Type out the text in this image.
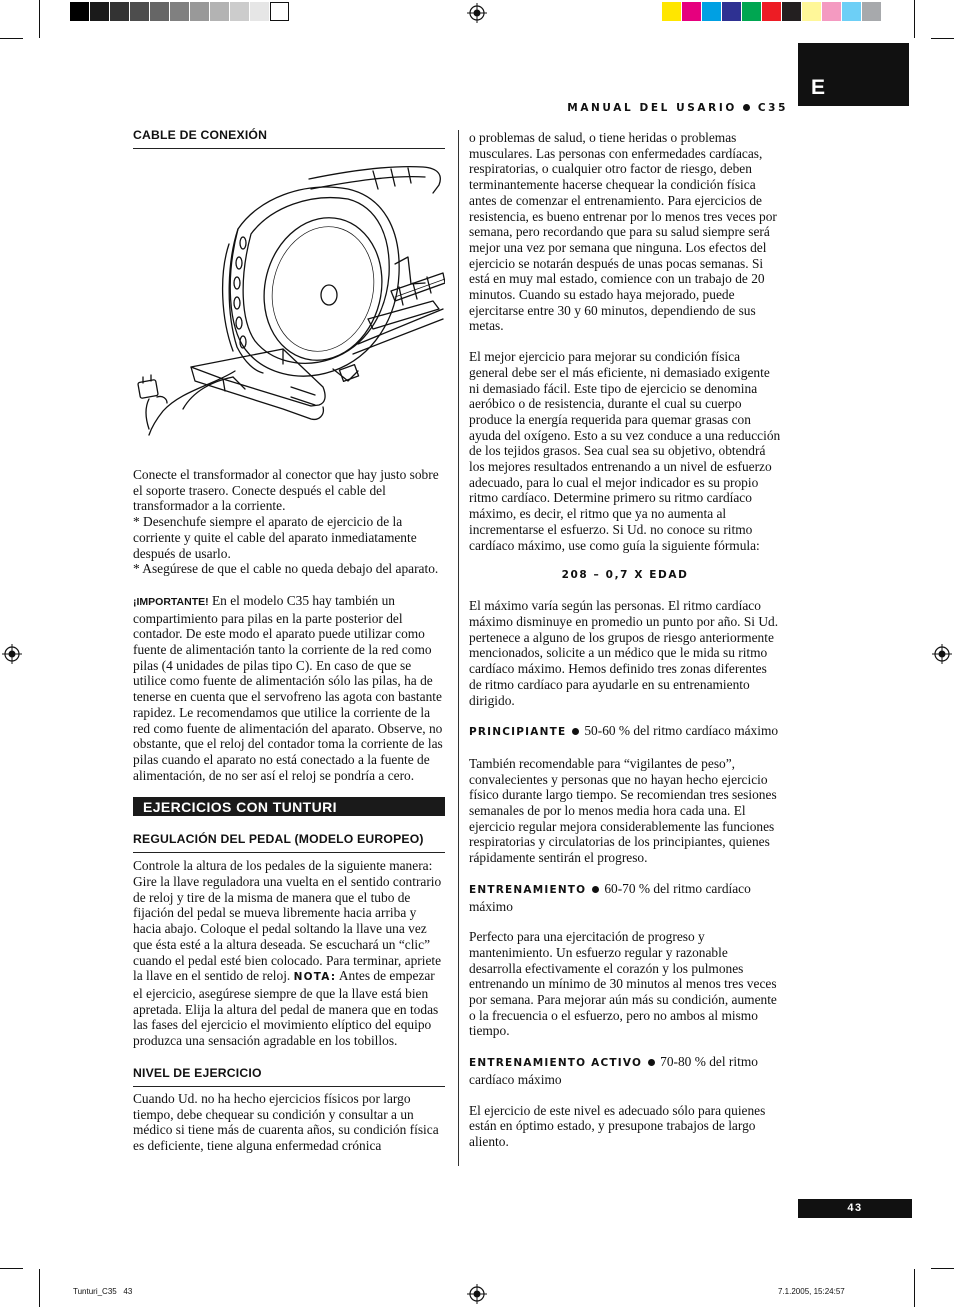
E
MANUAL DEL USARIO C35
CABLE DE CONEXIÓN

Conecte el transformador al conector que hay justo sobre el soporte trasero. Conecte después el cable del transformador a la corriente.

* Desenchufe siempre el aparato de ejercicio de la corriente y quite el cable del aparato inmediatamente después de usarlo.

* Asegúrese de que el cable no queda debajo del aparato.

¡IMPORTANTE! En el modelo C35 hay también un compartimiento para pilas en la parte posterior del contador. De este modo el aparato puede utilizar como fuente de alimentación tanto la corriente de la red como pilas (4 unidades de pilas tipo C). En caso de que se utilice como fuente de alimentación sólo las pilas, ha de tenerse en cuenta que el servofreno las agota con bastante rapidez. Le recomendamos que utilice la corriente de la red como fuente de alimentación del aparato. Observe, no obstante, que el reloj del contador toma la corriente de las pilas cuando el aparato no está conectado a la fuente de alimentación, de no ser así el reloj se pondría a cero.

EJERCICIOS CON TUNTURI
REGULACIÓN DEL PEDAL (MODELO EUROPEO)

Controle la altura de los pedales de la siguiente manera: Gire la llave reguladora una vuelta en el sentido contrario de reloj y tire de la misma de manera que el tubo de fijación del pedal se mueva libremente hacia arriba y hacia abajo. Coloque el pedal soltando la llave una vez que ésta esté a la altura deseada. Se escuchará un “clic” cuando el pedal esté bien colocado. Para terminar, apriete la llave en el sentido de reloj. NOTA: Antes de empezar el ejercicio, asegúrese siempre de que la llave está bien apretada. Elija la altura del pedal de manera que en todas las fases del ejercicio el movimiento elíptico del equipo produzca una sensación agradable en los tobillos.

NIVEL DE EJERCICIO

Cuando Ud. no ha hecho ejercicios físicos por largo tiempo, debe chequear su condición y consultar a un médico si tiene más de cuarenta años, su condición física es deficiente, tiene alguna enfermedad crónica

o problemas de salud, o tiene heridas o problemas musculares. Las personas con enfermedades cardíacas, respiratorias, o cualquier otro factor de riesgo, deben terminantemente hacerse chequear la condición física antes de comenzar el entrenamiento. Para ejercicios de resistencia, es bueno entrenar por lo menos tres veces por semana, pero recordando que para su salud siempre será mejor una vez por semana que ninguna. Los efectos del ejercicio se notarán después de unas pocas semanas. Si está en muy mal estado, comience con un trabajo de 20 minutos. Cuando su estado haya mejorado, puede ejercitarse entre 30 y 60 minutos, dependiendo de sus metas.

El mejor ejercicio para mejorar su condición física general debe ser el más eficiente, ni demasiado exigente ni demasiado fácil. Este tipo de ejercicio se denomina aeróbico o de resistencia, durante el cual su cuerpo produce la energía requerida para quemar grasas con ayuda del oxígeno. Esto a su vez conduce a una reducción de los tejidos grasos. Sea cual sea su objetivo, obtendrá los mejores resultados entrenando a un nivel de esfuerzo adecuado, para lo cual el mejor indicador es su propio ritmo cardíaco. Determine primero su ritmo cardíaco máximo, es decir, el ritmo que ya no aumenta al incrementarse el esfuerzo. Si Ud. no conoce su ritmo cardíaco máximo, use como guía la siguiente fórmula:

208 – 0,7 X EDAD

El máximo varía según las personas. El ritmo cardíaco máximo disminuye en promedio un punto por año. Si Ud. pertenece a alguno de los grupos de riesgo anteriormente mencionados, solicite a un médico que le mida su ritmo cardíaco máximo. Hemos definido tres zonas diferentes de ritmo cardíaco para ayudarle en su entrenamiento dirigido.

PRINCIPIANTE 50-60 % del ritmo cardíaco máximo

También recomendable para “vigilantes de peso”, convalecientes y personas que no hayan hecho ejercicio físico durante largo tiempo. Se recomiendan tres sesiones semanales de por lo menos media hora cada una. El ejercicio regular mejora considerablemente las funciones respiratorias y circulatorias de los principiantes, quienes rápidamente sentirán el progreso.

ENTRENAMIENTO 60-70 % del ritmo cardíaco máximo

Perfecto para una ejercitación de progreso y mantenimiento. Un esfuerzo regular y razonable desarrolla efectivamente el corazón y los pulmones entrenando un mínimo de 30 minutos al menos tres veces por semana. Para mejorar aún más su condición, aumente o la frecuencia o el esfuerzo, pero no ambos al mismo tiempo.

ENTRENAMIENTO ACTIVO 70-80 % del ritmo cardíaco máximo

El ejercicio de este nivel es adecuado sólo para quienes están en óptimo estado, y presupone trabajos de largo aliento.

43
Tunturi_C35   43	7.1.2005, 15:24:57
